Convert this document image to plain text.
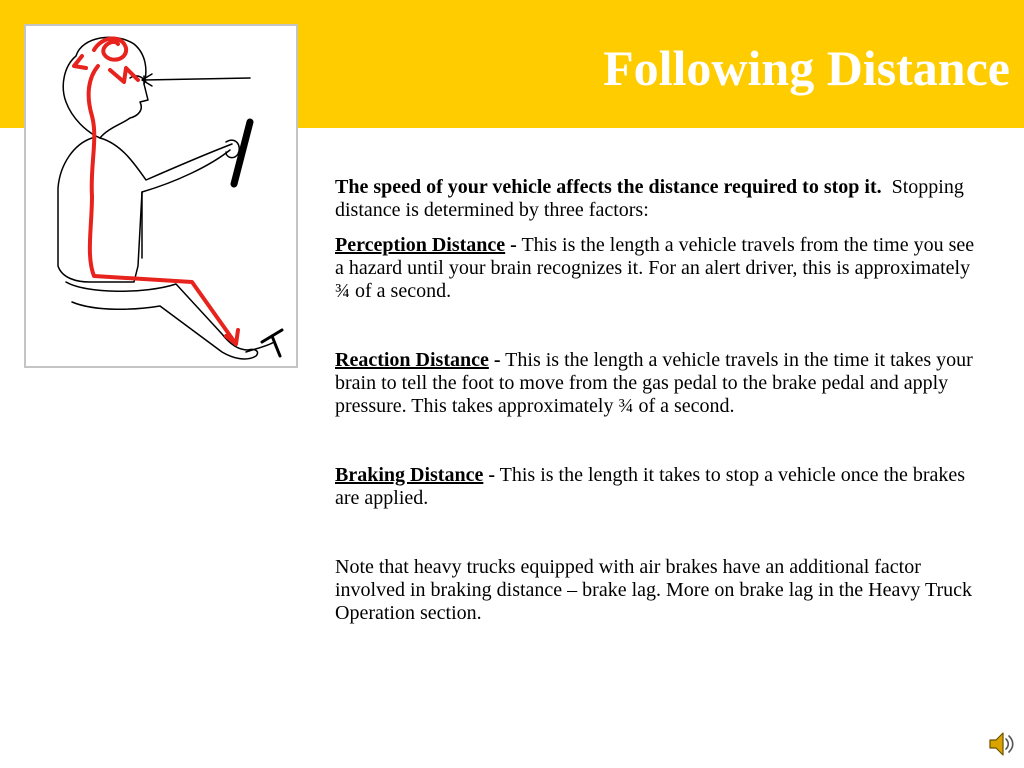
Following Distance

The speed of your vehicle affects the distance required to stop it. Stopping distance is determined by three factors:

Perception Distance - This is the length a vehicle travels from the time you see a hazard until your brain recognizes it. For an alert driver, this is approximately ¾ of a second.

Reaction Distance - This is the length a vehicle travels in the time it takes your brain to tell the foot to move from the gas pedal to the brake pedal and apply pressure. This takes approximately ¾ of a second.

Braking Distance - This is the length it takes to stop a vehicle once the brakes are applied.

Note that heavy trucks equipped with air brakes have an additional factor involved in braking distance – brake lag. More on brake lag in the Heavy Truck Operation section.
